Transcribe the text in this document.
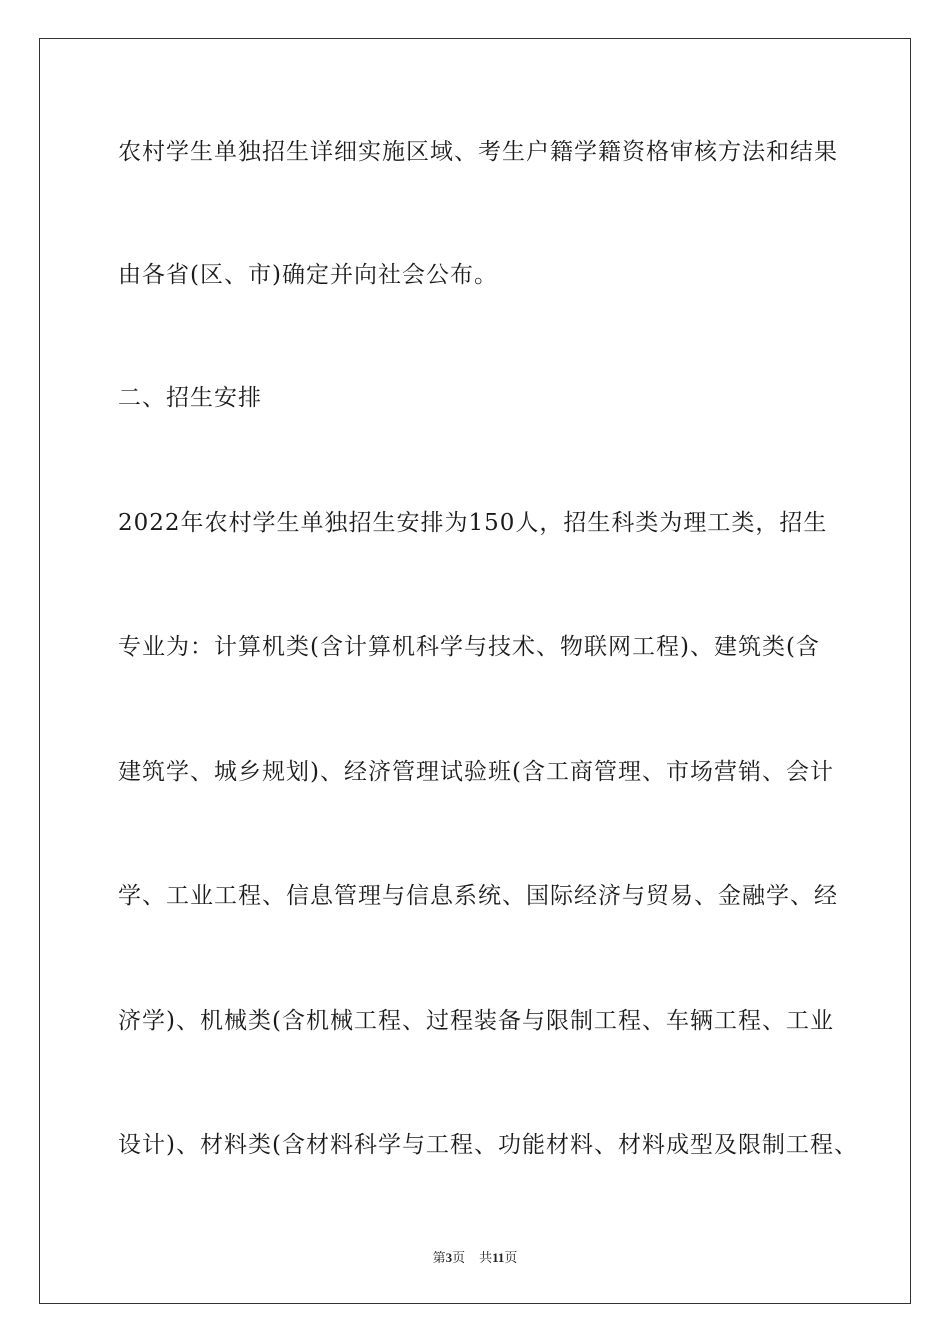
农村学生单独招生详细实施区域、考生户籍学籍资格审核方法和结果
由各省(区、市)确定并向社会公布。
二、招生安排
2022年农村学生单独招生安排为150人，招生科类为理工类，招生
专业为：计算机类(含计算机科学与技术、物联网工程)、建筑类(含
建筑学、城乡规划)、经济管理试验班(含工商管理、市场营销、会计
学、工业工程、信息管理与信息系统、国际经济与贸易、金融学、经
济学)、机械类(含机械工程、过程装备与限制工程、车辆工程、工业
设计)、材料类(含材料科学与工程、功能材料、材料成型及限制工程、
第3页 共11页
